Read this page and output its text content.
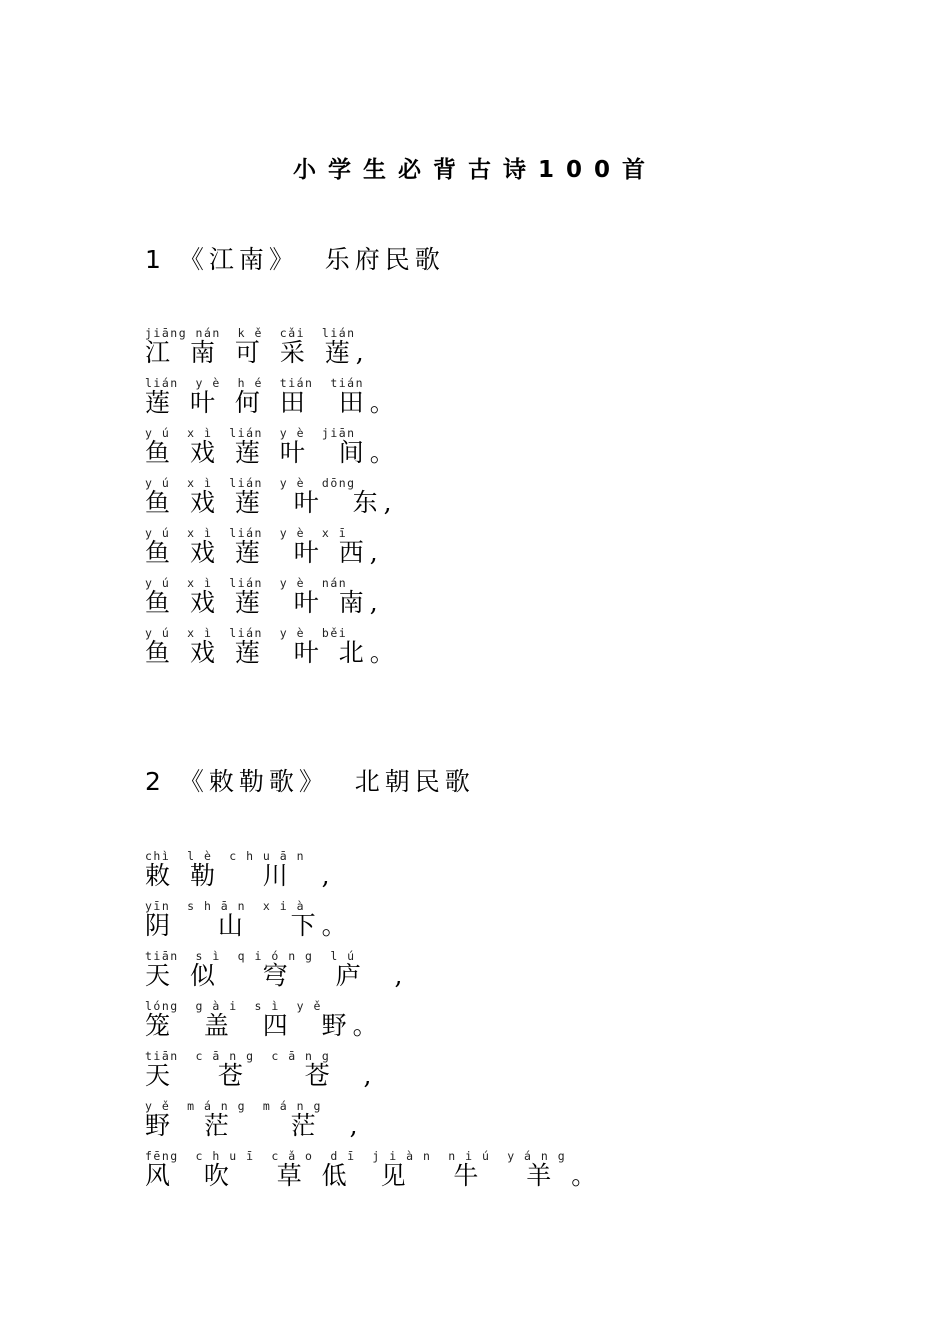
小学生必背古诗100首
1 《江南》  乐府民歌

jiāng nán  k ě  cǎi  lián

江 南 可 采 莲,

lián  y è  h é  tián  tián

莲 叶 何 田  田。

y ú  x ì  lián  y è  jiān

鱼 戏 莲 叶  间。

y ú  x ì  lián  y è  dōng

鱼 戏 莲  叶  东,

y ú  x ì  lián  y è  x ī

鱼 戏 莲  叶 西,

y ú  x ì  lián  y è  nán

鱼 戏 莲  叶 南,

y ú  x ì  lián  y è  běi

鱼 戏 莲  叶 北。

2 《敕勒歌》  北朝民歌

chì  l è  c h u ā n

敕 勒   川  ,

yīn  s h ā n  x i à

阴   山   下。

tiān  s ì  q i ó n g  l ú

天 似   穹   庐  ,

lóng  g à i  s ì  y ě

笼  盖  四  野。

tiān  c ā n g  c ā n g

天   苍    苍  ,

y ě  m á n g  m á n g

野  茫    茫  ,

fēng  c h u ī  c ǎ o  d ī  j i à n  n i ú  y á n g

风  吹   草 低  见   牛   羊 。
